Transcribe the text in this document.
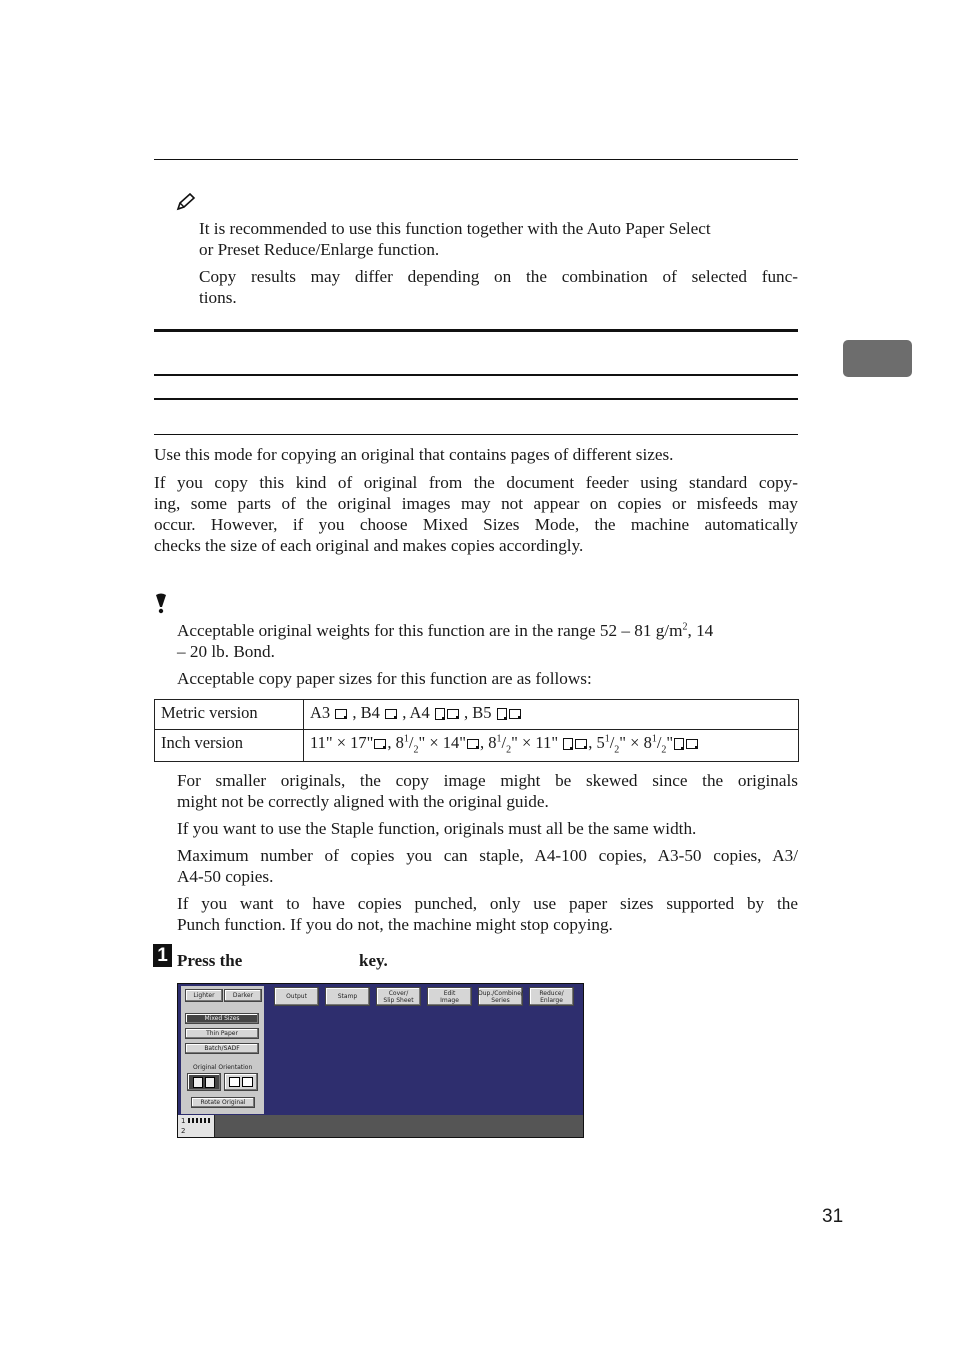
It is recommended to use this function together with the Auto Paper Select
or Preset Reduce/Enlarge function.
Copy results may differ depending on the combination of selected func-
tions.
Use this mode for copying an original that contains pages of different sizes.
If you copy this kind of original from the document feeder using standard copy-
ing, some parts of the original images may not appear on copies or misfeeds may
occur. However, if you choose Mixed Sizes Mode, the machine automatically
checks the size of each original and makes copies accordingly.
Acceptable original weights for this function are in the range 52 – 81 $g/m^2$, 14
– 20 lb. Bond.
Acceptable copy paper sizes for this function are as follows:
Metric version	A3 , B4 , A4 , B5
Inch version	11" × 17" , $8^1/_2$" × 14" , $8^1/_2$" × 11" , $5^1/_2$" × $8^1/_2$"
For smaller originals, the copy image might be skewed since the originals
might not be correctly aligned with the original guide.
If you want to use the Staple function, originals must all be the same width.
Maximum number of copies you can staple, A4-100 copies, A3-50 copies, A3/
A4-50 copies.
If you want to have copies punched, only use paper sizes supported by the
Punch function. If you do not, the machine might stop copying.
1 Press the	key.
Lighter	Darker
Mixed Sizes
Thin Paper
Batch/SADF
Original Orientation
Rotate Original
Output	Stamp	Cover/
Slip Sheet
Edit
Image
Dup./Combine/
Series
Reduce/
Enlarge
1
2
31
